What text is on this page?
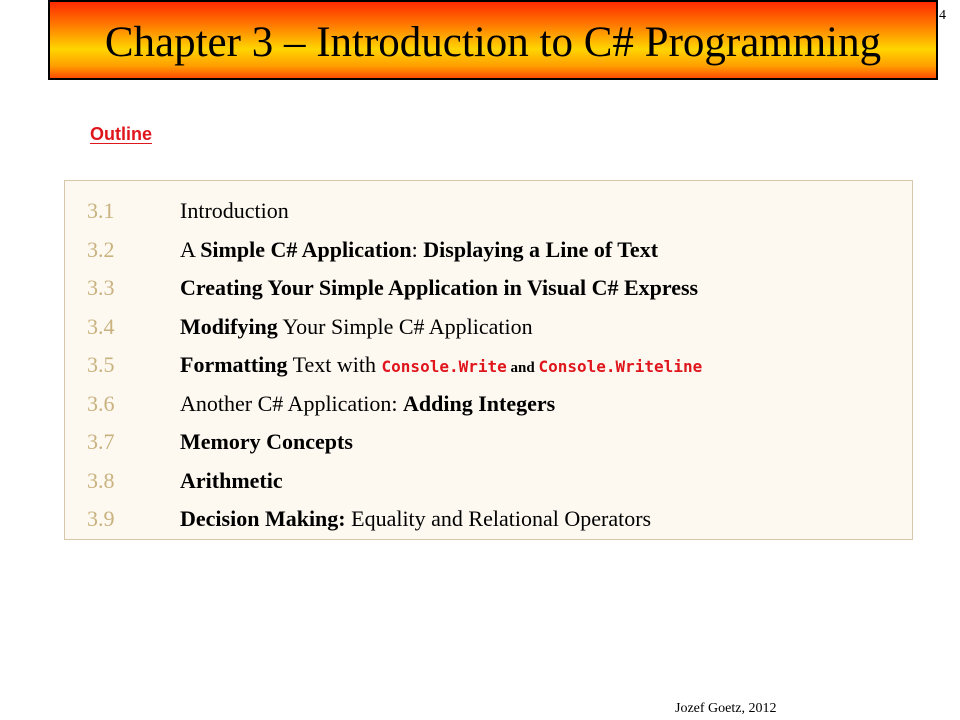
4
Chapter 3 – Introduction to C# Programming
Outline
3.1	Introduction
3.2	A Simple C# Application: Displaying a Line of Text
3.3	Creating Your Simple Application in Visual C# Express
3.4	Modifying Your Simple C# Application
3.5	Formatting Text with Console.Write and Console.Writeline
3.6	Another C# Application: Adding Integers
3.7	Memory Concepts
3.8	Arithmetic
3.9	Decision Making: Equality and Relational Operators
Jozef Goetz, 2012
